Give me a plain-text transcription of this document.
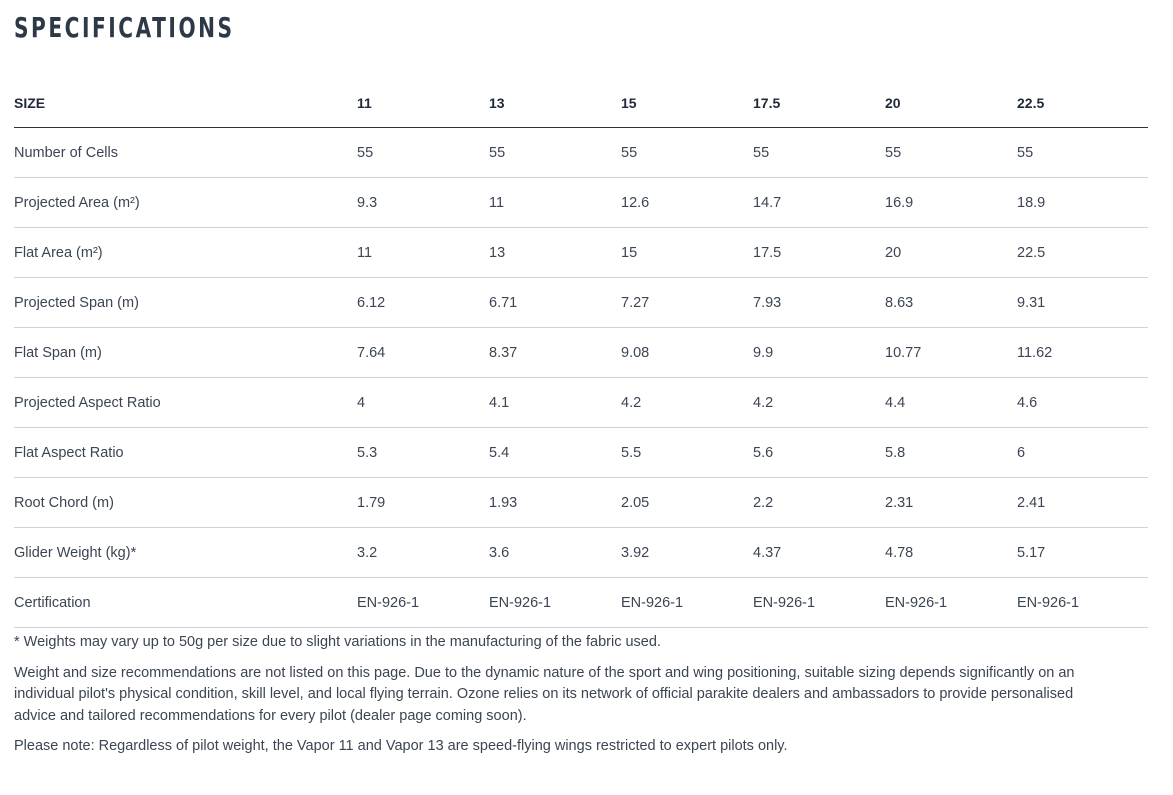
SPECIFICATIONS
SIZE	11	13	15	17.5	20	22.5
Number of Cells	55	55	55	55	55	55
Projected Area (m²)	9.3	11	12.6	14.7	16.9	18.9
Flat Area (m²)	11	13	15	17.5	20	22.5
Projected Span (m)	6.12	6.71	7.27	7.93	8.63	9.31
Flat Span (m)	7.64	8.37	9.08	9.9	10.77	11.62
Projected Aspect Ratio	4	4.1	4.2	4.2	4.4	4.6
Flat Aspect Ratio	5.3	5.4	5.5	5.6	5.8	6
Root Chord (m)	1.79	1.93	2.05	2.2	2.31	2.41
Glider Weight (kg)*	3.2	3.6	3.92	4.37	4.78	5.17
Certification	EN-926-1	EN-926-1	EN-926-1	EN-926-1	EN-926-1	EN-926-1

* Weights may vary up to 50g per size due to slight variations in the manufacturing of the fabric used.

Weight and size recommendations are not listed on this page. Due to the dynamic nature of the sport and wing positioning, suitable sizing depends significantly on an individual pilot's physical condition, skill level, and local flying terrain. Ozone relies on its network of official parakite dealers and ambassadors to provide personalised advice and tailored recommendations for every pilot (dealer page coming soon).

Please note: Regardless of pilot weight, the Vapor 11 and Vapor 13 are speed-flying wings restricted to expert pilots only.
